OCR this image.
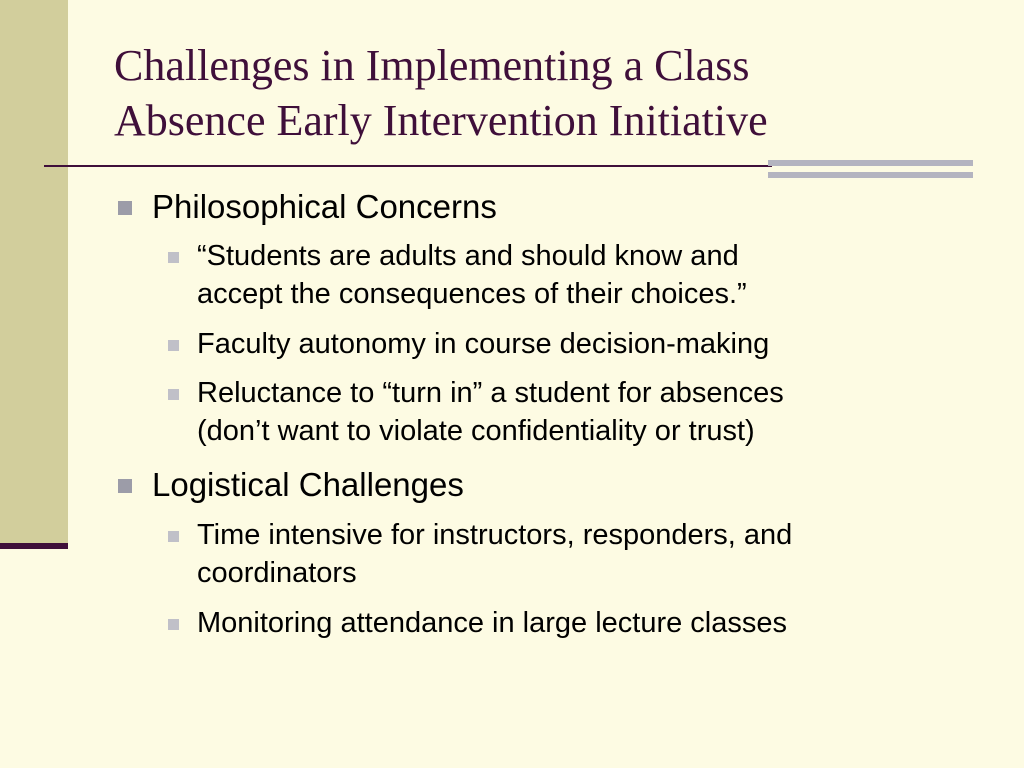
Challenges in Implementing a Class
Absence Early Intervention Initiative
Philosophical Concerns
“Students are adults and should know and
accept the consequences of their choices.”
Faculty autonomy in course decision-making
Reluctance to “turn in” a student for absences
(don’t want to violate confidentiality or trust)
Logistical Challenges
Time intensive for instructors, responders, and
coordinators
Monitoring attendance in large lecture classes
